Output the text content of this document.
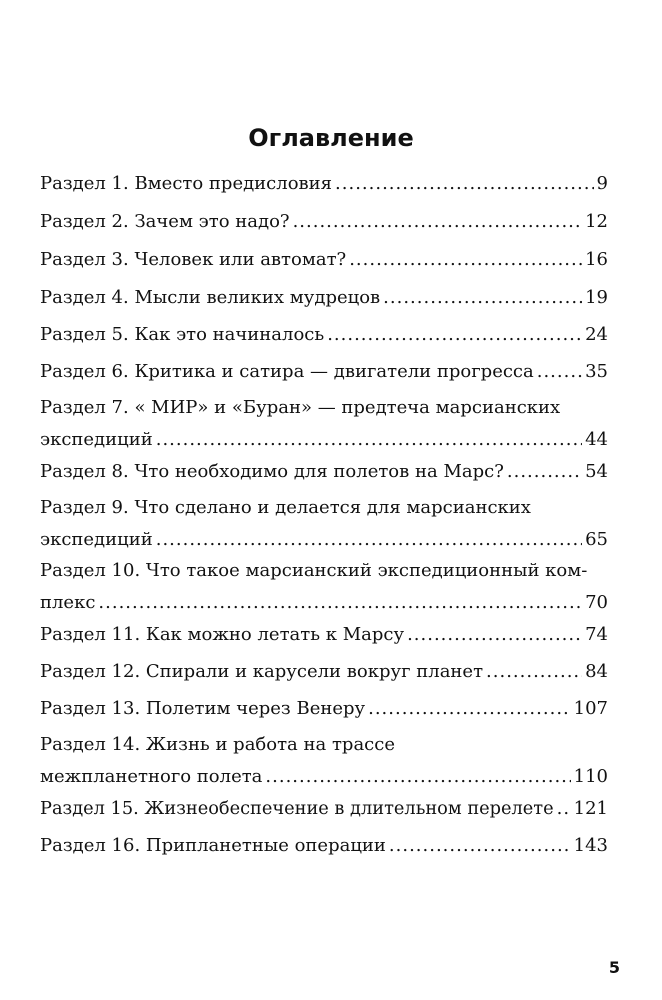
Оглавление
Раздел 1. Вместо предисловия .....	9
Раздел 2. Зачем это надо? .....	12
Раздел 3. Человек или автомат? .....	16
Раздел 4. Мысли великих мудрецов .....	19
Раздел 5. Как это начиналось .....	24
Раздел 6. Критика и сатира — двигатели прогресса .....	35
Раздел 7. « МИР» и «Буран» — предтеча марсианских
экспедиций .....	44
Раздел 8. Что необходимо для полетов на Марс? .....	54
Раздел 9. Что сделано и делается для марсианских
экспедиций .....	65
Раздел 10. Что такое марсианский экспедиционный ком-
плекс .....	70
Раздел 11. Как можно летать к Марсу .....	74
Раздел 12. Спирали и карусели вокруг планет .....	84
Раздел 13. Полетим через Венеру .....	107
Раздел 14. Жизнь и работа на трассе
межпланетного полета .....	110
Раздел 15. Жизнеобеспечение в длительном перелете ..... 121
Раздел 16. Припланетные операции .....	143
5
